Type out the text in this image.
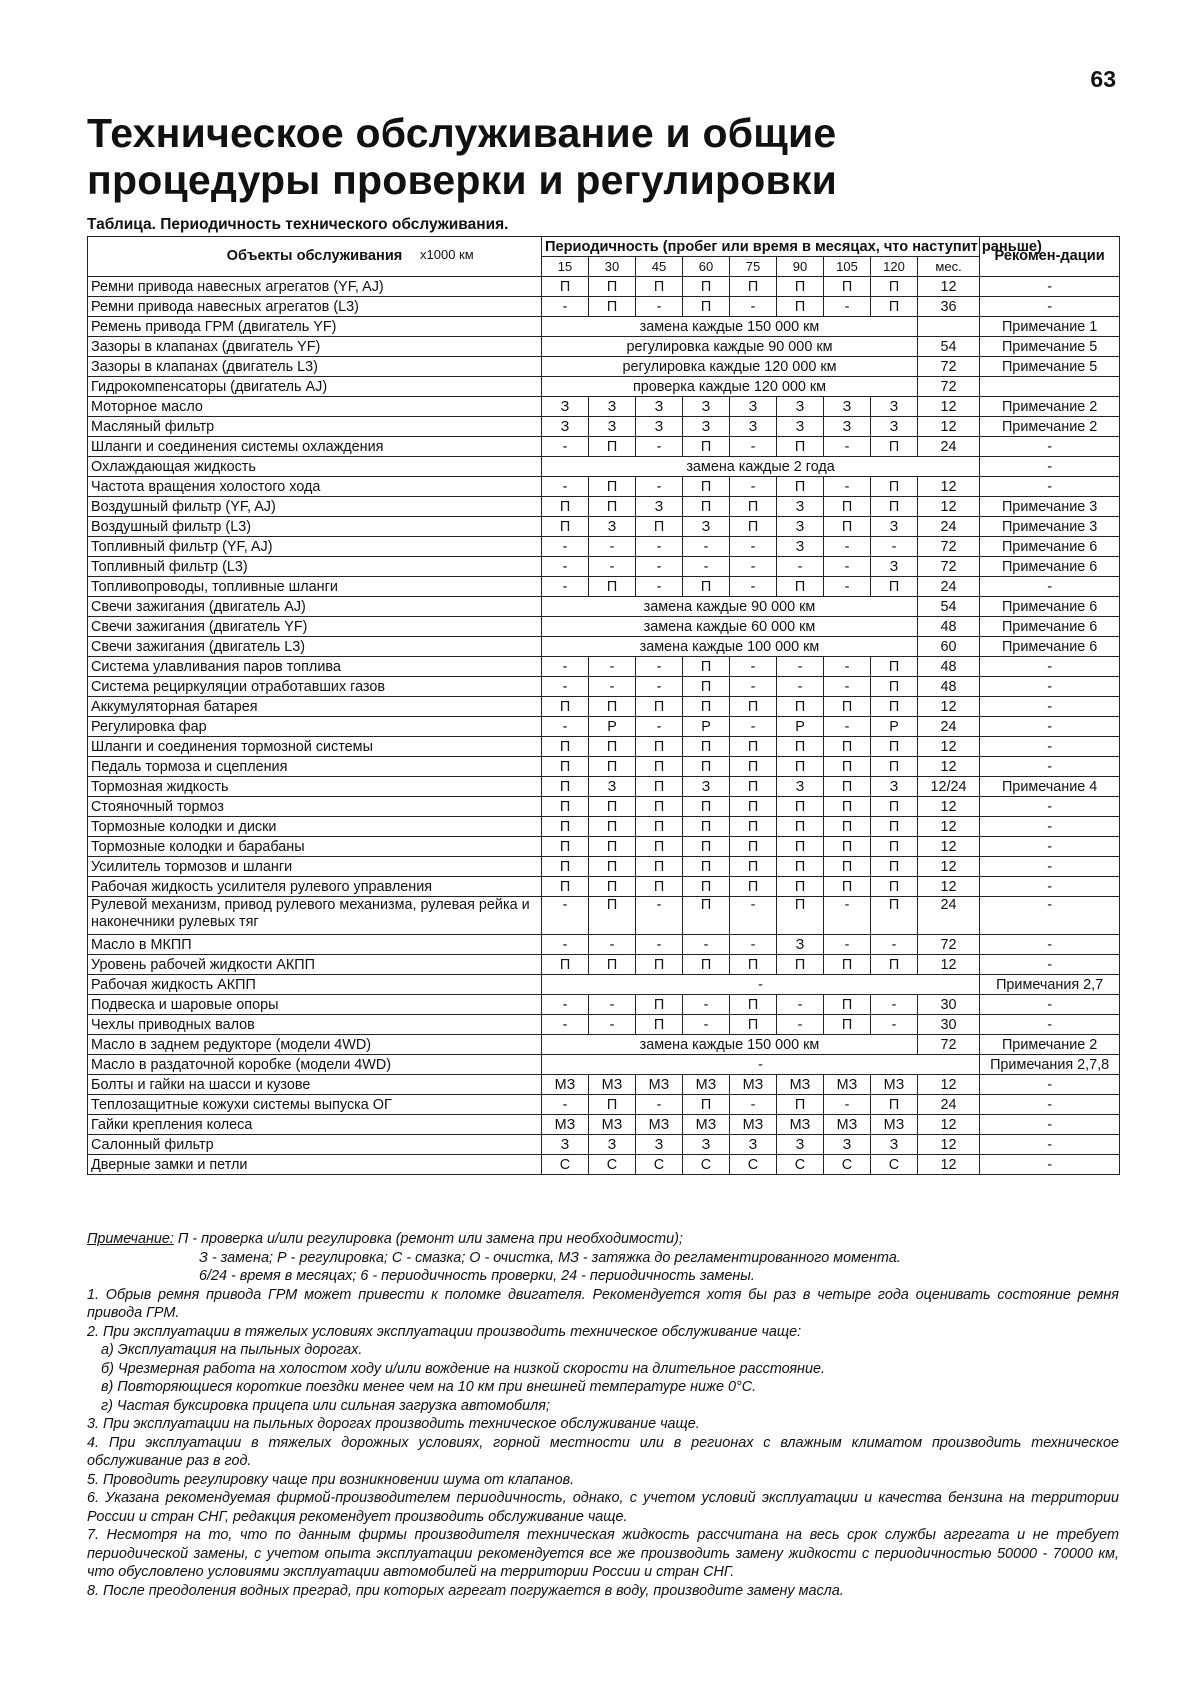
63
Техническое обслуживание и общие
процедуры проверки и регулировки
Таблица. Периодичность технического обслуживания.
Объекты обслуживания	Периодичность (пробег или время в месяцах, что наступит раньше)									Рекомен-дации
	15	30	45	60	75	90	105	120	мес.	
Ремни привода навесных агрегатов (YF, AJ)	П	П	П	П	П	П	П	П	12	-
Ремни привода навесных агрегатов (L3)	-	П	-	П	-	П	-	П	36	-
Ремень привода ГРМ (двигатель YF)	замена каждые 150 000 км									Примечание 1
Зазоры в клапанах (двигатель YF)	регулировка каждые 90 000 км								54	Примечание 5
Зазоры в клапанах (двигатель L3)	регулировка каждые 120 000 км								72	Примечание 5
Гидрокомпенсаторы (двигатель AJ)	проверка каждые 120 000 км								72	
Моторное масло	З	З	З	З	З	З	З	З	12	Примечание 2
Масляный фильтр	З	З	З	З	З	З	З	З	12	Примечание 2
Шланги и соединения системы охлаждения	-	П	-	П	-	П	-	П	24	-
Охлаждающая жидкость	замена каждые 2 года									-
Частота вращения холостого хода	-	П	-	П	-	П	-	П	12	-
Воздушный фильтр (YF, AJ)	П	П	З	П	П	З	П	П	12	Примечание 3
Воздушный фильтр (L3)	П	З	П	З	П	З	П	З	24	Примечание 3
Топливный фильтр (YF, AJ)	-	-	-	-	-	З	-	-	72	Примечание 6
Топливный фильтр (L3)	-	-	-	-	-	-	-	З	72	Примечание 6
Топливопроводы, топливные шланги	-	П	-	П	-	П	-	П	24	-
Свечи зажигания (двигатель AJ)	замена каждые 90 000 км								54	Примечание 6
Свечи зажигания (двигатель YF)	замена каждые 60 000 км								48	Примечание 6
Свечи зажигания (двигатель L3)	замена каждые 100 000 км								60	Примечание 6
Система улавливания паров топлива	-	-	-	П	-	-	-	П	48	-
Система рециркуляции отработавших газов	-	-	-	П	-	-	-	П	48	-
Аккумуляторная батарея	П	П	П	П	П	П	П	П	12	-
Регулировка фар	-	Р	-	Р	-	Р	-	Р	24	-
Шланги и соединения тормозной системы	П	П	П	П	П	П	П	П	12	-
Педаль тормоза и сцепления	П	П	П	П	П	П	П	П	12	-
Тормозная жидкость	П	З	П	З	П	З	П	З	12/24	Примечание 4
Стояночный тормоз	П	П	П	П	П	П	П	П	12	-
Тормозные колодки и диски	П	П	П	П	П	П	П	П	12	-
Тормозные колодки и барабаны	П	П	П	П	П	П	П	П	12	-
Усилитель тормозов и шланги	П	П	П	П	П	П	П	П	12	-
Рабочая жидкость усилителя рулевого управления	П	П	П	П	П	П	П	П	12	-
Рулевой механизм, привод рулевого механизма, рулевая рейка и наконечники рулевых тяг	-	П	-	П	-	П	-	П	24	-
Масло в МКПП	-	-	-	-	-	З	-	-	72	-
Уровень рабочей жидкости АКПП	П	П	П	П	П	П	П	П	12	-
Рабочая жидкость АКПП	-									Примечания 2,7
Подвеска и шаровые опоры	-	-	П	-	П	-	П	-	30	-
Чехлы приводных валов	-	-	П	-	П	-	П	-	30	-
Масло в заднем редукторе (модели 4WD)	замена каждые 150 000 км								72	Примечание 2
Масло в раздаточной коробке (модели 4WD)	-									Примечания 2,7,8
Болты и гайки на шасси и кузове	МЗ	МЗ	МЗ	МЗ	МЗ	МЗ	МЗ	МЗ	12	-
Теплозащитные кожухи системы выпуска ОГ	-	П	-	П	-	П	-	П	24	-
Гайки крепления колеса	МЗ	МЗ	МЗ	МЗ	МЗ	МЗ	МЗ	МЗ	12	-
Салонный фильтр	З	З	З	З	З	З	З	З	12	-
Дверные замки и петли	С	С	С	С	С	С	С	С	12	-

Примечание: П - проверка и/или регулировка (ремонт или замена при необходимости);

З - замена; Р - регулировка; С - смазка; О - очистка, МЗ - затяжка до регламентированного момента.

6/24 - время в месяцах; 6 - периодичность проверки, 24 - периодичность замены.

1. Обрыв ремня привода ГРМ может привести к поломке двигателя. Рекомендуется хотя бы раз в четыре года оценивать состояние ремня привода ГРМ.

2. При эксплуатации в тяжелых условиях эксплуатации производить техническое обслуживание чаще:

а) Эксплуатация на пыльных дорогах.

б) Чрезмерная работа на холостом ходу и/или вождение на низкой скорости на длительное расстояние.

в) Повторяющиеся короткие поездки менее чем на 10 км при внешней температуре ниже 0°С.

г) Частая буксировка прицепа или сильная загрузка автомобиля;

3. При эксплуатации на пыльных дорогах производить техническое обслуживание чаще.

4. При эксплуатации в тяжелых дорожных условиях, горной местности или в регионах с влажным климатом производить техническое обслуживание раз в год.

5. Проводить регулировку чаще при возникновении шума от клапанов.

6. Указана рекомендуемая фирмой-производителем периодичность, однако, с учетом условий эксплуатации и качества бензина на территории России и стран СНГ, редакция рекомендует производить обслуживание чаще.

7. Несмотря на то, что по данным фирмы производителя техническая жидкость рассчитана на весь срок службы агрегата и не требует периодической замены, с учетом опыта эксплуатации рекомендуется все же производить замену жидкости с периодичностью 50000 - 70000 км, что обусловлено условиями эксплуатации автомобилей на территории России и стран СНГ.

8. После преодоления водных преград, при которых агрегат погружается в воду, производите замену масла.

x1000 км
